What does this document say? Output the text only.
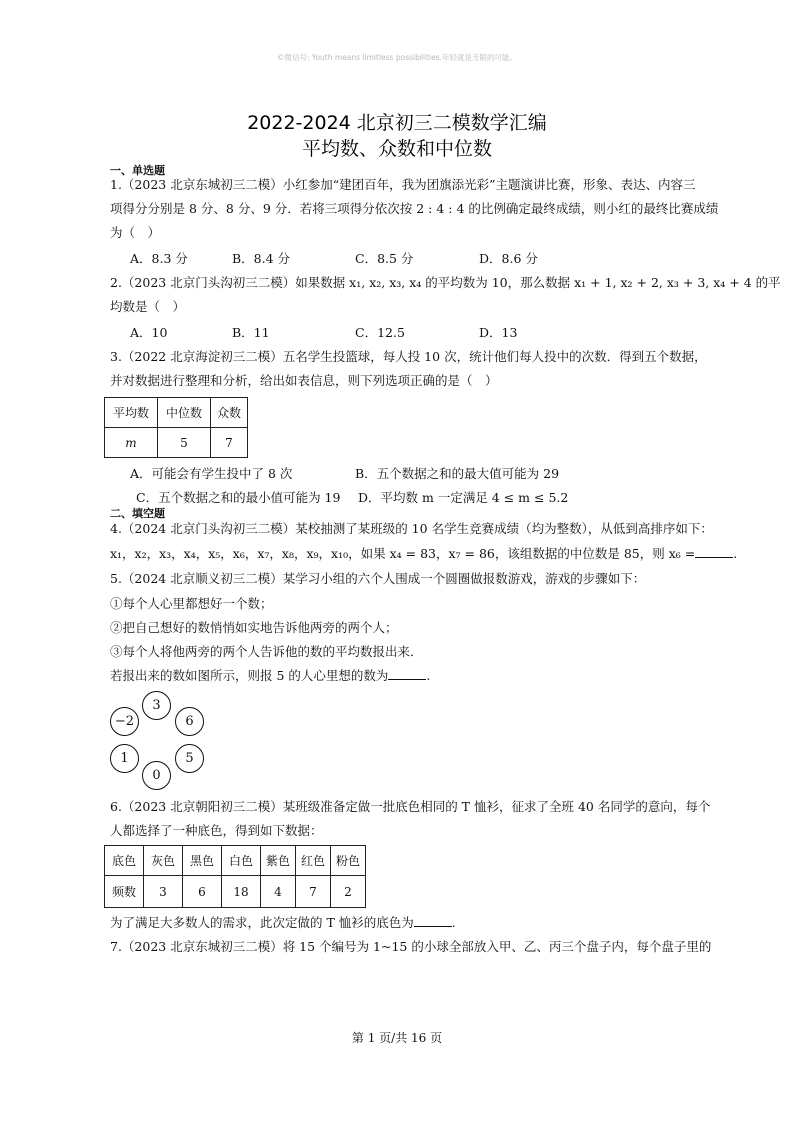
©微信号: Youth means limitless possibilities.年轻就是无限的可能。
2022-2024 北京初三二模数学汇编
平均数、众数和中位数
一、单选题
1.（2023 北京东城初三二模）小红参加“建团百年，我为团旗添光彩”主题演讲比赛，形象、表达、内容三
项得分分别是 8 分、8 分、9 分．若将三项得分依次按 2 : 4 : 4 的比例确定最终成绩，则小红的最终比赛成绩
为（　）
A．8.3 分	B．8.4 分	C．8.5 分	D．8.6 分
2.（2023 北京门头沟初三二模）如果数据 x₁, x₂, x₃, x₄ 的平均数为 10，那么数据 x₁ + 1, x₂ + 2, x₃ + 3, x₄ + 4 的平
均数是（　）
A．10	B．11	C．12.5	D．13
3.（2022 北京海淀初三二模）五名学生投篮球，每人投 10 次，统计他们每人投中的次数．得到五个数据，
并对数据进行整理和分析，给出如表信息，则下列选项正确的是（　）
平均数	中位数	众数
m	5	7
A．可能会有学生投中了 8 次	B．五个数据之和的最大值可能为 29
C．五个数据之和的最小值可能为 19 D．平均数 m 一定满足 4 ≤ m ≤ 5.2
二、填空题
4.（2024 北京门头沟初三二模）某校抽测了某班级的 10 名学生竞赛成绩（均为整数），从低到高排序如下：
x₁，x₂，x₃，x₄，x₅，x₆，x₇，x₈，x₉，x₁₀，如果 x₄ = 83，x₇ = 86，该组数据的中位数是 85，则 x₆ =	.
5.（2024 北京顺义初三二模）某学习小组的六个人围成一个圆圈做报数游戏，游戏的步骤如下：
①每个人心里都想好一个数；
②把自己想好的数悄悄如实地告诉他两旁的两个人；
③每个人将他两旁的两个人告诉他的数的平均数报出来．
若报出来的数如图所示，则报 5 的人心里想的数为	.
3
−2	6
1	5
0
6.（2023 北京朝阳初三二模）某班级准备定做一批底色相同的 T 恤衫，征求了全班 40 名同学的意向，每个
人都选择了一种底色，得到如下数据：
底色	灰色	黑色	白色	紫色	红色	粉色
频数	3	6	18	4	7	2
为了满足大多数人的需求，此次定做的 T 恤衫的底色为	.
7.（2023 北京东城初三二模）将 15 个编号为 1~15 的小球全部放入甲、乙、丙三个盘子内，每个盘子里的
第 1 页/共 16 页
